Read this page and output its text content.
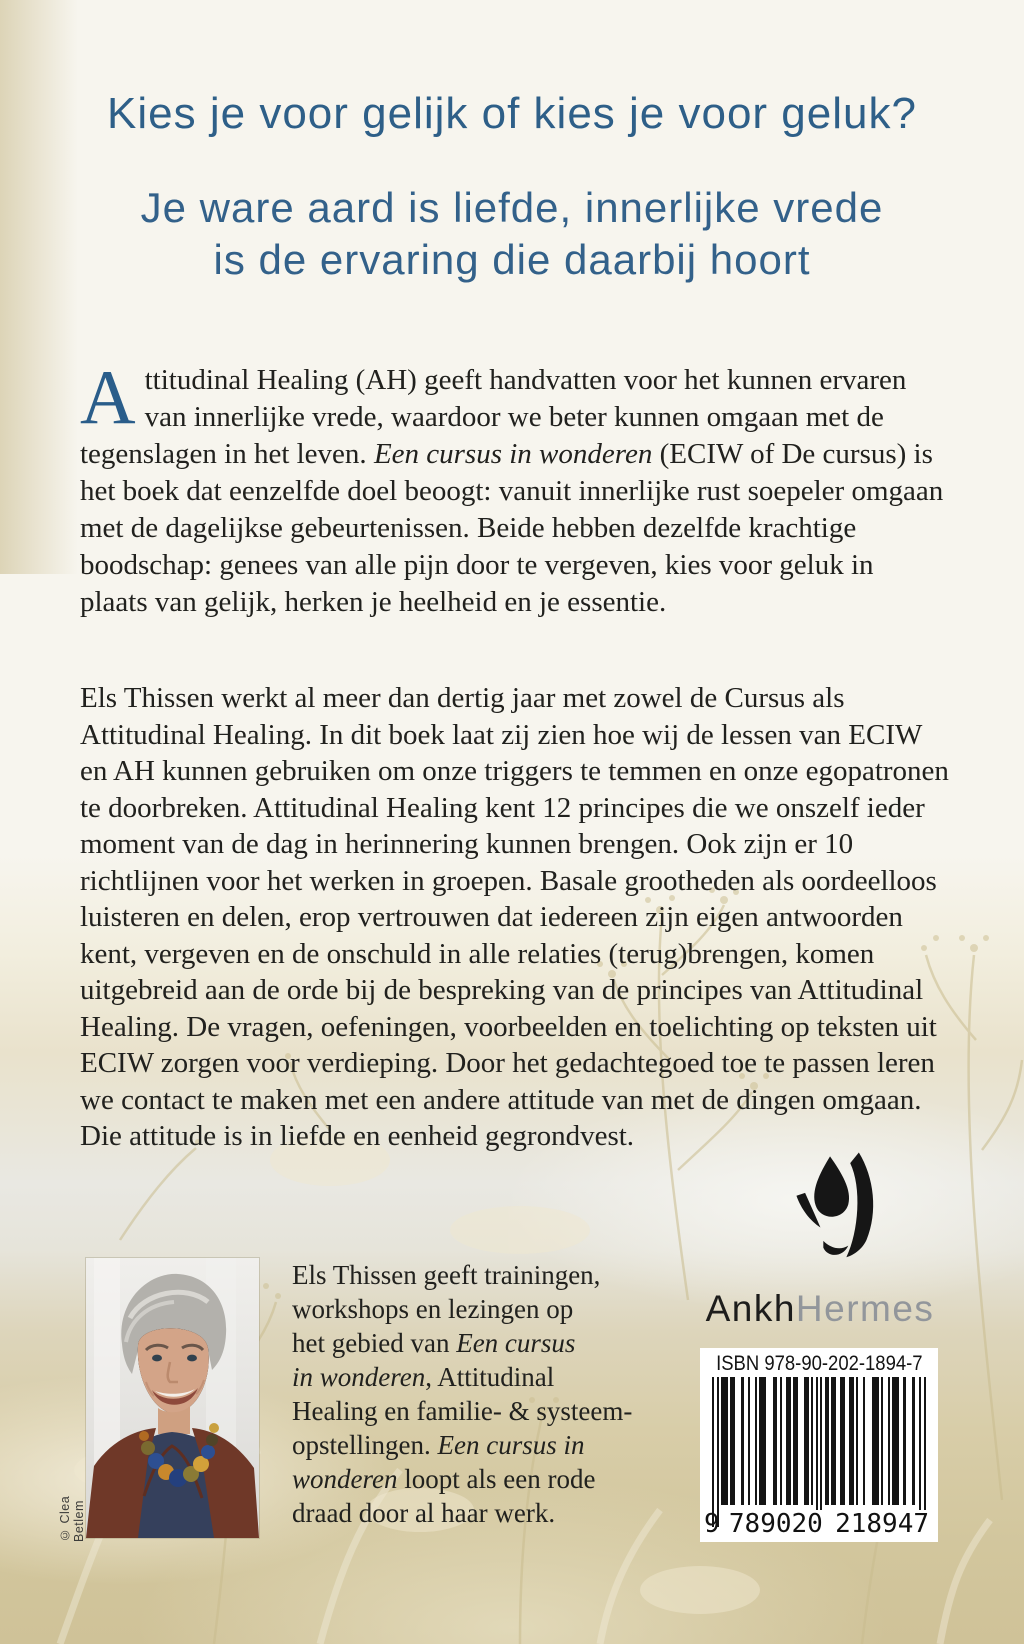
Kies je voor gelijk of kies je voor geluk?
Je ware aard is liefde, innerlijke vrede
is de ervaring die daarbij hoort

Attitudinal Healing (AH) geeft handvatten voor het kunnen ervaren van innerlijke vrede, waardoor we beter kunnen omgaan met de tegenslagen in het leven. Een cursus in wonderen (ECIW of De cursus) is het boek dat eenzelfde doel beoogt: vanuit innerlijke rust soepeler omgaan met de dagelijkse gebeurtenissen. Beide hebben dezelfde krachtige boodschap: genees van alle pijn door te vergeven, kies voor geluk in plaats van gelijk, herken je heelheid en je essentie.

Els Thissen werkt al meer dan dertig jaar met zowel de Cursus als Attitudinal Healing. In dit boek laat zij zien hoe wij de lessen van ECIW en AH kunnen gebruiken om onze triggers te temmen en onze egopatronen te doorbreken. Attitudinal Healing kent 12 principes die we onszelf ieder moment van de dag in herinnering kunnen brengen. Ook zijn er 10 richtlijnen voor het werken in groepen. Basale grootheden als oordeelloos luisteren en delen, erop vertrouwen dat iedereen zijn eigen antwoorden kent, vergeven en de onschuld in alle relaties (terug)brengen, komen uitgebreid aan de orde bij de bespreking van de principes van Attitudinal Healing. De vragen, oefeningen, voorbeelden en toelichting op teksten uit ECIW zorgen voor verdieping. Door het gedachtegoed toe te passen leren we contact te maken met een andere attitude van met de dingen omgaan. Die attitude is in liefde en eenheid gegrondvest.

© Clea Betlem
Els Thissen geeft trainingen,
workshops en lezingen op
het gebied van Een cursus
in wonderen, Attitudinal
Healing en familie- & systeem-
opstellingen. Een cursus in
wonderen loopt als een rode
draad door al haar werk.
AnkhHermes
ISBN 978-90-202-1894-7
9 789020 218947
